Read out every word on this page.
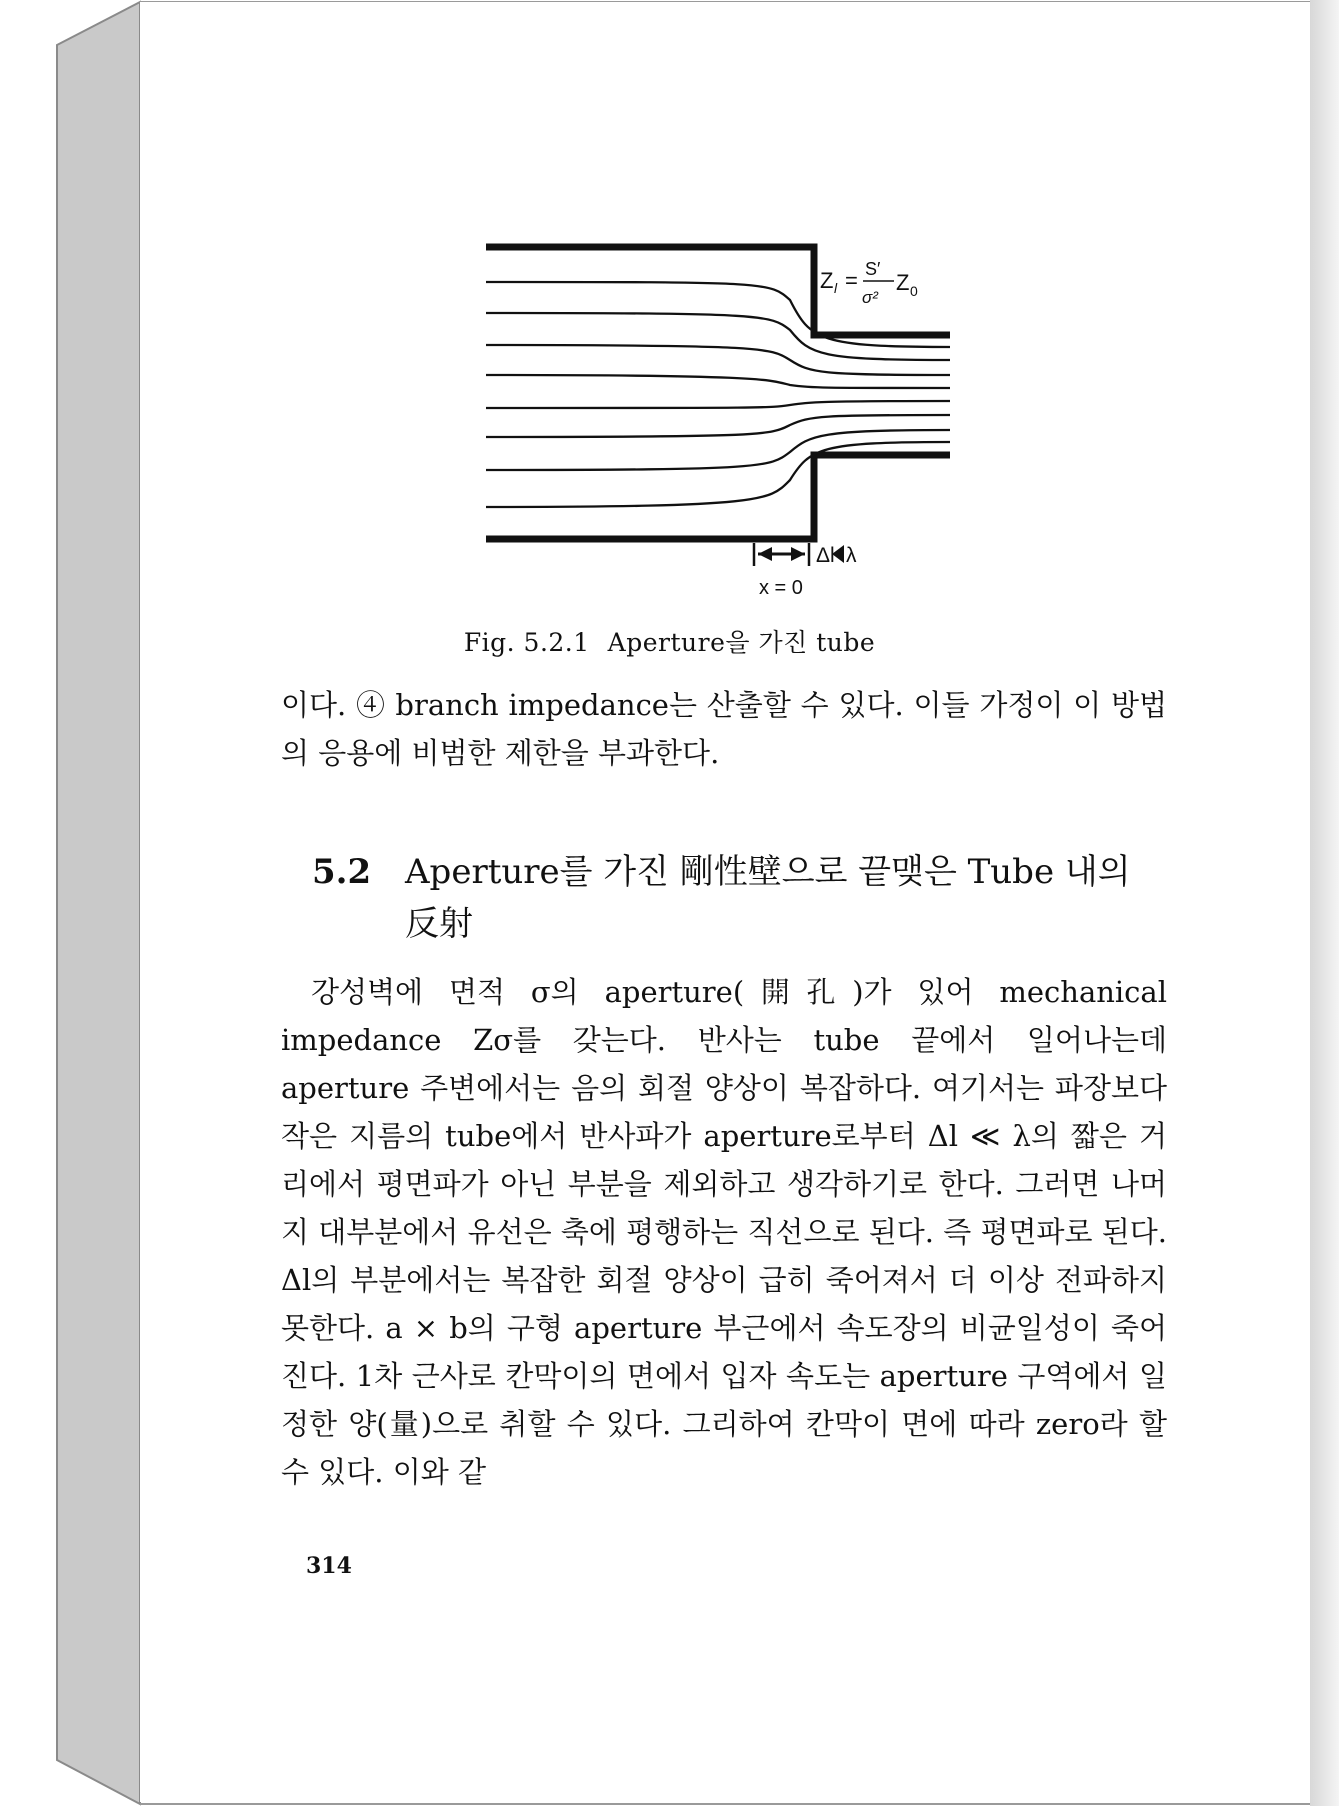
Z l = S′
σ²
Z 0
Δl λ
x = 0
Fig. 5.2.1 Aperture을 가진 tube

이다. ④ branch impedance는 산출할 수 있다. 이들 가정이 이 방법의 응용에 비범한 제한을 부과한다.

5.2 Aperture를 가진 剛性壁으로 끝맺은 Tube 내의 反射

강성벽에 면적 σ의 aperture(開孔)가 있어 mechanical impedance Zσ를 갖는다. 반사는 tube 끝에서 일어나는데 aperture 주변에서는 음의 회절 양상이 복잡하다. 여기서는 파장보다 작은 지름의 tube에서 반사파가 aperture로부터 Δl ≪ λ의 짧은 거리에서 평면파가 아닌 부분을 제외하고 생각하기로 한다. 그러면 나머지 대부분에서 유선은 축에 평행하는 직선으로 된다. 즉 평면파로 된다. Δl의 부분에서는 복잡한 회절 양상이 급히 죽어져서 더 이상 전파하지 못한다. a × b의 구형 aperture 부근에서 속도장의 비균일성이 죽어진다. 1차 근사로 칸막이의 면에서 입자 속도는 aperture 구역에서 일정한 양(量)으로 취할 수 있다. 그리하여 칸막이 면에 따라 zero라 할 수 있다. 이와 같

314
